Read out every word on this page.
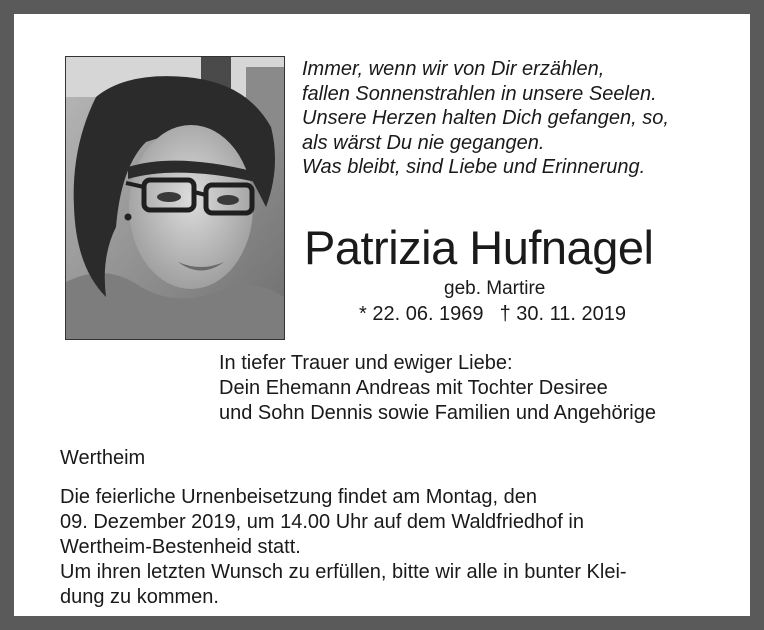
Immer, wenn wir von Dir erzählen,
fallen Sonnenstrahlen in unsere Seelen.
Unsere Herzen halten Dich gefangen, so,
als wärst Du nie gegangen.
Was bleibt, sind Liebe und Erinnerung.
Patrizia Hufnagel
geb. Martire
* 22. 06. 1969 † 30. 11. 2019
In tiefer Trauer und ewiger Liebe:
Dein Ehemann Andreas mit Tochter Desiree
und Sohn Dennis sowie Familien und Angehörige
Wertheim
Die feierliche Urnenbeisetzung findet am Montag, den
09. Dezember 2019, um 14.00 Uhr auf dem Waldfriedhof in
Wertheim-Bestenheid statt.
Um ihren letzten Wunsch zu erfüllen, bitte wir alle in bunter Klei-
dung zu kommen.
